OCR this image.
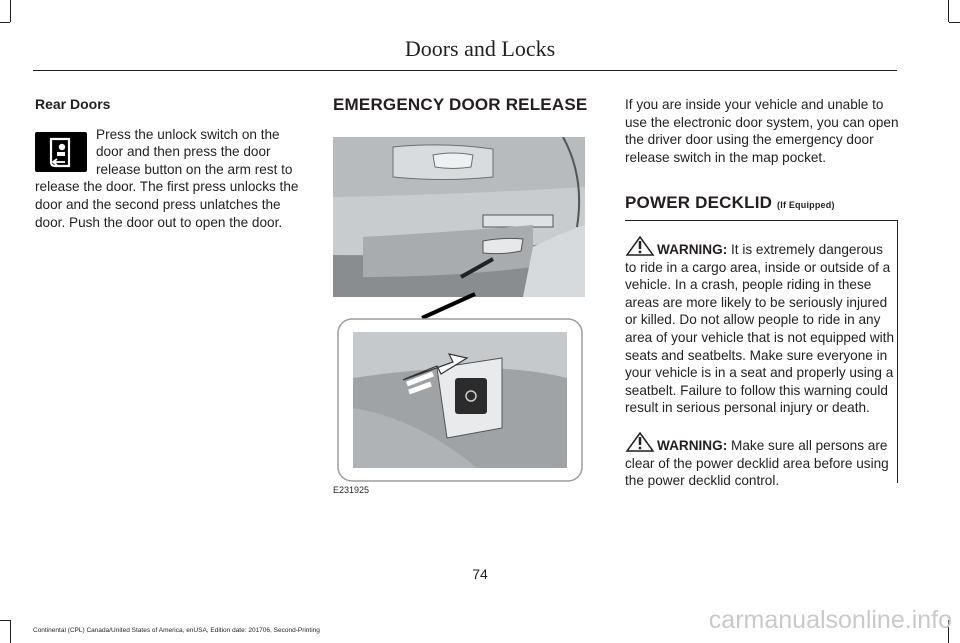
Doors and Locks
Rear Doors

Press the unlock switch on the door and then press the door release button on the arm rest to release the door. The first press unlocks the door and the second press unlatches the door. Push the door out to open the door.

EMERGENCY DOOR RELEASE
E231925

If you are inside your vehicle and unable to use the electronic door system, you can open the driver door using the emergency door release switch in the map pocket.

POWER DECKLID (If Equipped)

WARNING: It is extremely dangerous to ride in a cargo area, inside or outside of a vehicle. In a crash, people riding in these areas are more likely to be seriously injured or killed. Do not allow people to ride in any area of your vehicle that is not equipped with seats and seatbelts. Make sure everyone in your vehicle is in a seat and properly using a seatbelt. Failure to follow this warning could result in serious personal injury or death.

WARNING: Make sure all persons are clear of the power decklid area before using the power decklid control.

74
Continental (CPL) Canada/United States of America, enUSA, Edition date: 201706, Second-Printing	carmanualsonline.info
